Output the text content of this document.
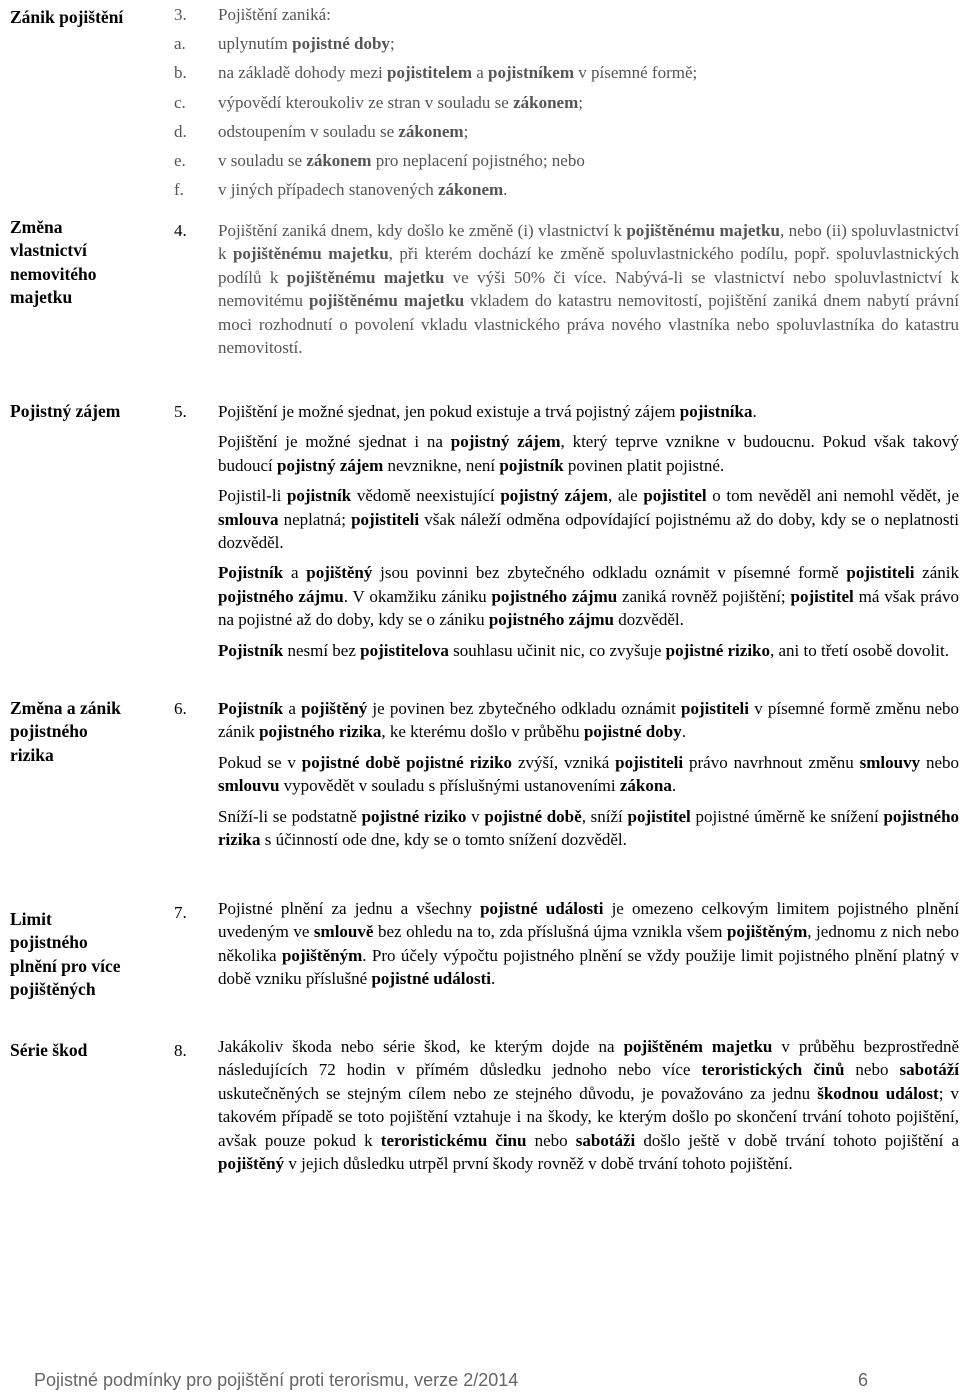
Zánik pojištění	3.	Pojištění zaniká:
a. uplynutím pojistné doby;
b. na základě dohody mezi pojistitelem a pojistníkem v písemné formě;
c. výpovědí kteroukoliv ze stran v souladu se zákonem;
d. odstoupením v souladu se zákonem;
e. v souladu se zákonem pro neplacení pojistného; nebo
f. v jiných případech stanovených zákonem.
Změna
vlastnictví
nemovitého
majetku
4.	Pojištění zaniká dnem, kdy došlo ke změně (i) vlastnictví k pojištěnému majetku, nebo (ii) spoluvlastnictví k pojištěnému majetku, při kterém dochází ke změně spoluvlastnického podílu, popř. spoluvlastnických podílů k pojištěnému majetku ve výši 50% či více. Nabývá-li se vlastnictví nebo spoluvlastnictví k nemovitému pojištěnému majetku vkladem do katastru nemovitostí, pojištění zaniká dnem nabytí právní moci rozhodnutí o povolení vkladu vlastnického práva nového vlastníka nebo spoluvlastníka do katastru nemovitostí.

Pojistný zájem	5.	Pojištění je možné sjednat, jen pokud existuje a trvá pojistný zájem pojistníka.

Pojištění je možné sjednat i na pojistný zájem, který teprve vznikne v budoucnu. Pokud však takový budoucí pojistný zájem nevznikne, není pojistník povinen platit pojistné.

Pojistil-li pojistník vědomě neexistující pojistný zájem, ale pojistitel o tom nevěděl ani nemohl vědět, je smlouva neplatná; pojistiteli však náleží odměna odpovídající pojistnému až do doby, kdy se o neplatnosti dozvěděl.

Pojistník a pojištěný jsou povinni bez zbytečného odkladu oznámit v písemné formě pojistiteli zánik pojistného zájmu. V okamžiku zániku pojistného zájmu zaniká rovněž pojištění; pojistitel má však právo na pojistné až do doby, kdy se o zániku pojistného zájmu dozvěděl.

Pojistník nesmí bez pojistitelova souhlasu učinit nic, co zvyšuje pojistné riziko, ani to třetí osobě dovolit.

Změna a zánik
pojistného
rizika
6.	Pojistník a pojištěný je povinen bez zbytečného odkladu oznámit pojistiteli v písemné formě změnu nebo zánik pojistného rizika, ke kterému došlo v průběhu pojistné doby.

Pokud se v pojistné době pojistné riziko zvýší, vzniká pojistiteli právo navrhnout změnu smlouvy nebo smlouvu vypovědět v souladu s příslušnými ustanoveními zákona.

Sníží-li se podstatně pojistné riziko v pojistné době, sníží pojistitel pojistné úměrně ke snížení pojistného rizika s účinností ode dne, kdy se o tomto snížení dozvěděl.

Limit
pojistného
plnění pro více
pojištěných
7.	Pojistné plnění za jednu a všechny pojistné události je omezeno celkovým limitem pojistného plnění uvedeným ve smlouvě bez ohledu na to, zda příslušná újma vznikla všem pojištěným, jednomu z nich nebo několika pojištěným. Pro účely výpočtu pojistného plnění se vždy použije limit pojistného plnění platný v době vzniku příslušné pojistné události.

Série škod	8.	Jakákoliv škoda nebo série škod, ke kterým dojde na pojištěném majetku v průběhu bezprostředně následujících 72 hodin v přímém důsledku jednoho nebo více teroristických činů nebo sabotáží uskutečněných se stejným cílem nebo ze stejného důvodu, je považováno za jednu škodnou událost; v takovém případě se toto pojištění vztahuje i na škody, ke kterým došlo po skončení trvání tohoto pojištění, avšak pouze pokud k teroristickému činu nebo sabotáži došlo ještě v době trvání tohoto pojištění a pojištěný v jejich důsledku utrpěl první škody rovněž v době trvání tohoto pojištění.

Pojistné podmínky pro pojištění proti terorismu, verze 2/2014	6
